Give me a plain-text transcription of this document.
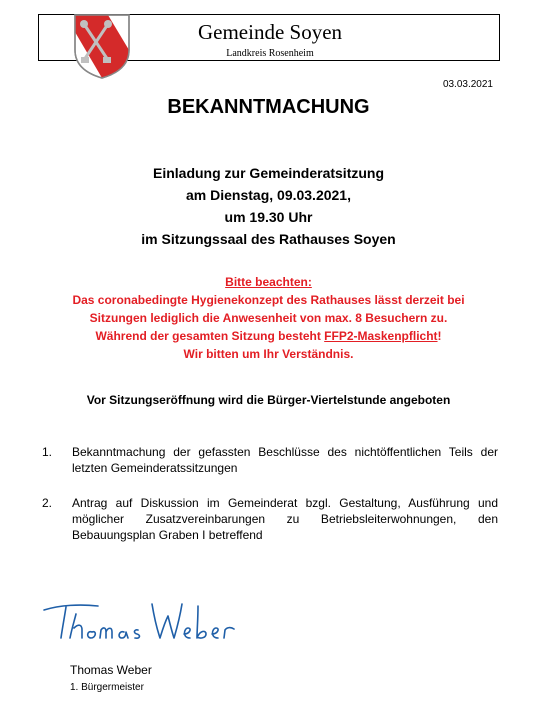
Gemeinde Soyen
Landkreis Rosenheim
03.03.2021
BEKANNTMACHUNG
Einladung zur Gemeinderatsitzung
am Dienstag, 09.03.2021,
um 19.30 Uhr
im Sitzungssaal des Rathauses Soyen
Bitte beachten:
Das coronabedingte Hygienekonzept des Rathauses lässt derzeit bei
Sitzungen lediglich die Anwesenheit von max. 8 Besuchern zu.
Während der gesamten Sitzung besteht FFP2-Maskenpflicht!
Wir bitten um Ihr Verständnis.
Vor Sitzungseröffnung wird die Bürger-Viertelstunde angeboten
1. Bekanntmachung der gefassten Beschlüsse des nichtöffentlichen Teils der letzten Gemeinderatssitzungen
2. Antrag auf Diskussion im Gemeinderat bzgl. Gestaltung, Ausführung und möglicher Zusatzvereinbarungen zu Betriebsleiterwohnungen, den Bebauungsplan Graben I betreffend
Thomas Weber
1. Bürgermeister
